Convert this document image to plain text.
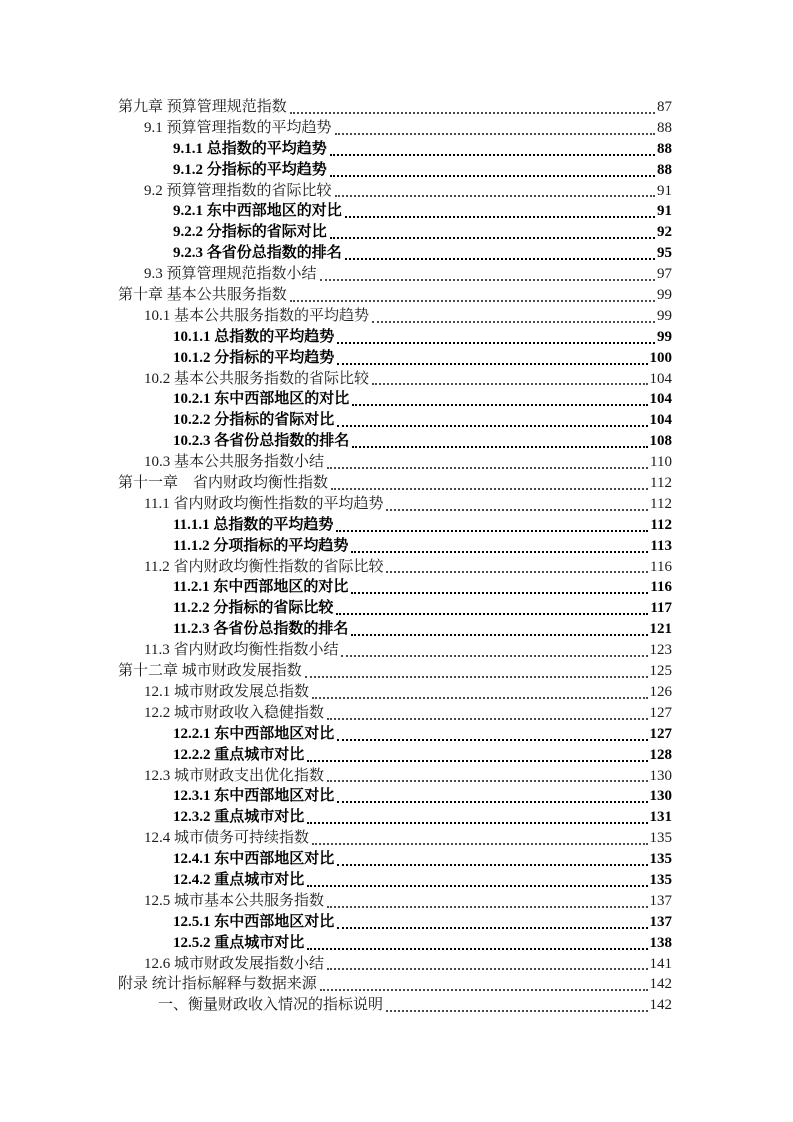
第九章 预算管理规范指数	87
9.1 预算管理指数的平均趋势	88
9.1.1 总指数的平均趋势	88
9.1.2 分指标的平均趋势	88
9.2 预算管理指数的省际比较	91
9.2.1 东中西部地区的对比	91
9.2.2 分指标的省际对比	92
9.2.3 各省份总指数的排名	95
9.3 预算管理规范指数小结	97
第十章 基本公共服务指数	99
10.1 基本公共服务指数的平均趋势	99
10.1.1 总指数的平均趋势	99
10.1.2 分指标的平均趋势	100
10.2 基本公共服务指数的省际比较	104
10.2.1 东中西部地区的对比	104
10.2.2 分指标的省际对比	104
10.2.3 各省份总指数的排名	108
10.3 基本公共服务指数小结	110
第十一章　省内财政均衡性指数	112
11.1 省内财政均衡性指数的平均趋势	112
11.1.1 总指数的平均趋势	112
11.1.2 分项指标的平均趋势	113
11.2 省内财政均衡性指数的省际比较	116
11.2.1 东中西部地区的对比	116
11.2.2 分指标的省际比较	117
11.2.3 各省份总指数的排名	121
11.3 省内财政均衡性指数小结	123
第十二章 城市财政发展指数	125
12.1 城市财政发展总指数	126
12.2 城市财政收入稳健指数	127
12.2.1 东中西部地区对比	127
12.2.2 重点城市对比	128
12.3 城市财政支出优化指数	130
12.3.1 东中西部地区对比	130
12.3.2 重点城市对比	131
12.4 城市债务可持续指数	135
12.4.1 东中西部地区对比	135
12.4.2 重点城市对比	135
12.5 城市基本公共服务指数	137
12.5.1 东中西部地区对比	137
12.5.2 重点城市对比	138
12.6 城市财政发展指数小结	141
附录 统计指标解释与数据来源	142
一、衡量财政收入情况的指标说明	142
